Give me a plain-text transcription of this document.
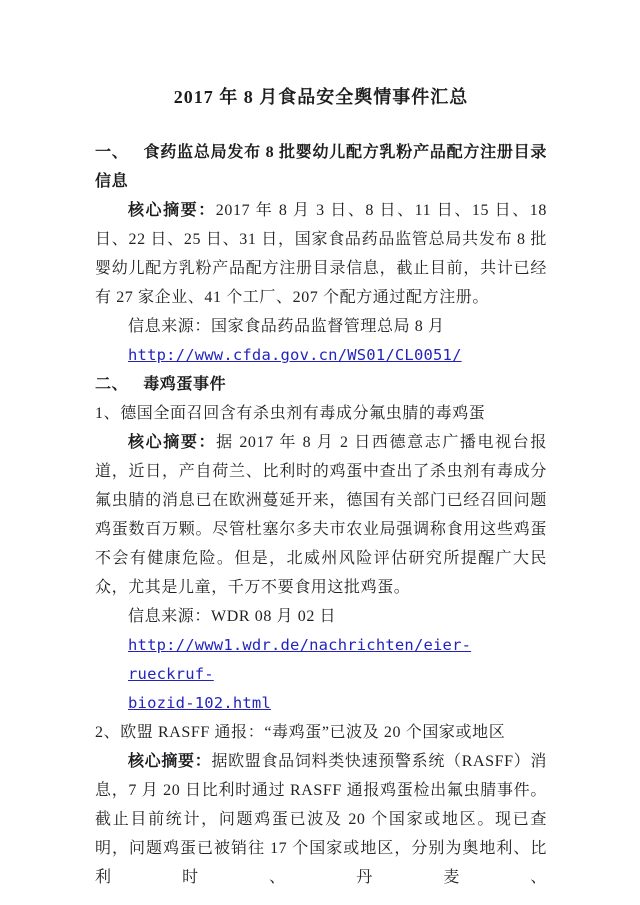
2017 年 8 月食品安全舆情事件汇总
一、 食药监总局发布 8 批婴幼儿配方乳粉产品配方注册目录信息

核心摘要：2017 年 8 月 3 日、8 日、11 日、15 日、18 日、22 日、25 日、31 日，国家食品药品监管总局共发布 8 批婴幼儿配方乳粉产品配方注册目录信息，截止目前，共计已经有 27 家企业、41 个工厂、207 个配方通过配方注册。

信息来源：国家食品药品监督管理总局 8 月

http://www.cfda.gov.cn/WS01/CL0051/

二、 毒鸡蛋事件

1、德国全面召回含有杀虫剂有毒成分氟虫腈的毒鸡蛋

核心摘要：据 2017 年 8 月 2 日西德意志广播电视台报道，近日，产自荷兰、比利时的鸡蛋中查出了杀虫剂有毒成分氟虫腈的消息已在欧洲蔓延开来，德国有关部门已经召回问题鸡蛋数百万颗。尽管杜塞尔多夫市农业局强调称食用这些鸡蛋不会有健康危险。但是，北威州风险评估研究所提醒广大民众，尤其是儿童，千万不要食用这批鸡蛋。

信息来源：WDR 08 月 02 日

http://www1.wdr.de/nachrichten/eier-rueckruf-
biozid-102.html

2、欧盟 RASFF 通报：“毒鸡蛋”已波及 20 个国家或地区

核心摘要：据欧盟食品饲料类快速预警系统（RASFF）消息，7 月 20 日比利时通过 RASFF 通报鸡蛋检出氟虫腈事件。截止目前统计，问题鸡蛋已波及 20 个国家或地区。现已查明，问题鸡蛋已被销往 17 个国家或地区，分别为奥地利、比利时、丹麦、
